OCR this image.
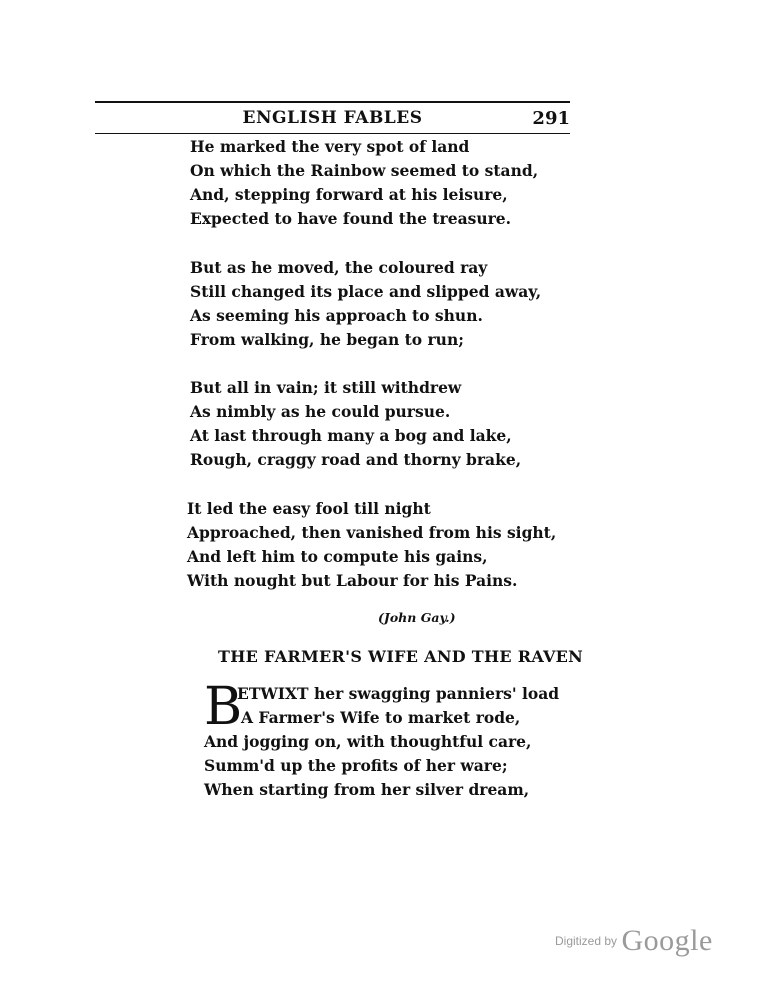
ENGLISH FABLES	291
He marked the very spot of land
On which the Rainbow seemed to stand,
And, stepping forward at his leisure,
Expected to have found the treasure.
But as he moved, the coloured ray
Still changed its place and slipped away,
As seeming his approach to shun.
From walking, he began to run;
But all in vain; it still withdrew
As nimbly as he could pursue.
At last through many a bog and lake,
Rough, craggy road and thorny brake,
It led the easy fool till night
Approached, then vanished from his sight,
And left him to compute his gains,
With nought but Labour for his Pains.
(John Gay.)
THE FARMER'S WIFE AND THE RAVEN
B
ETWIXT her swagging panniers' load
A Farmer's Wife to market rode,
And jogging on, with thoughtful care,
Summ'd up the profits of her ware;
When starting from her silver dream,
Digitized by Google
